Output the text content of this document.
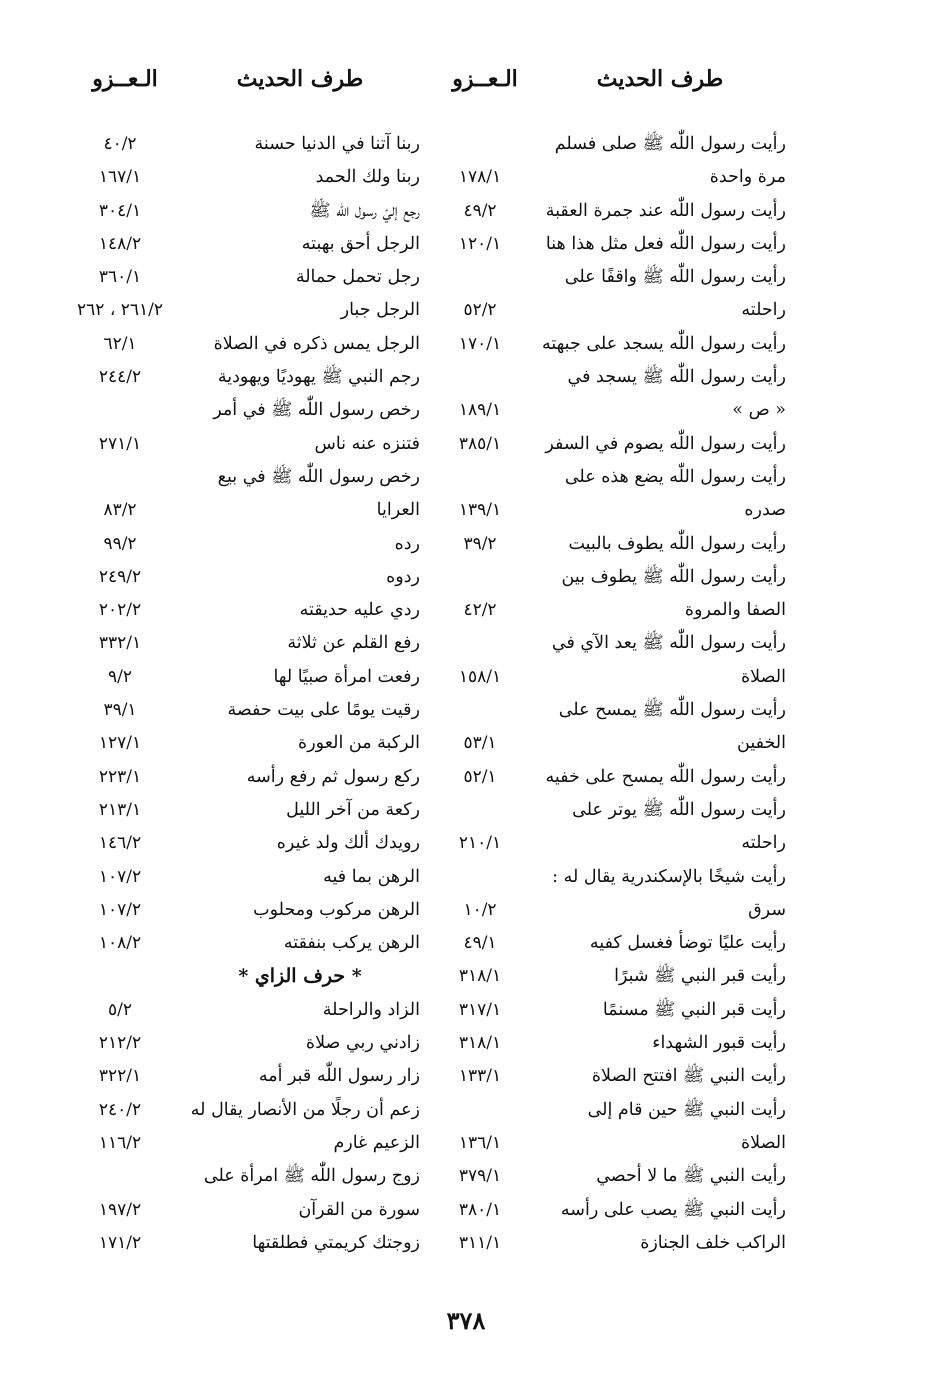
طرف الحديث
الـعــزو
طرف الحديث
الـعــزو
رأيت رسول اللّٰه ﷺ صلى فسلم
مرة واحدة
١٧٨/١
رأيت رسول اللّٰه عند جمرة العقبة
٤٩/٢
رأيت رسول اللّٰه فعل مثل هذا هنا
١٢٠/١
رأيت رسول اللّٰه ﷺ واقفًا على
راحلته
٥٢/٢
رأيت رسول اللّٰه يسجد على جبهته
١٧٠/١
رأيت رسول اللّٰه ﷺ يسجد في
« ص »
١٨٩/١
رأيت رسول اللّٰه يصوم في السفر
٣٨٥/١
رأيت رسول اللّٰه يضع هذه على
صدره
١٣٩/١
رأيت رسول اللّٰه يطوف بالبيت
٣٩/٢
رأيت رسول اللّٰه ﷺ يطوف بين
الصفا والمروة
٤٢/٢
رأيت رسول اللّٰه ﷺ يعد الآي في
الصلاة
١٥٨/١
رأيت رسول اللّٰه ﷺ يمسح على
الخفين
٥٣/١
رأيت رسول اللّٰه يمسح على خفيه
٥٢/١
رأيت رسول اللّٰه ﷺ يوتر على
راحلته
٢١٠/١
رأيت شيخًا بالإسكندرية يقال له :
سرق
١٠/٢
رأيت عليًا توضأ فغسل كفيه
٤٩/١
رأيت قبر النبي ﷺ شبرًا
٣١٨/١
رأيت قبر النبي ﷺ مسنمًا
٣١٧/١
رأيت قبور الشهداء
٣١٨/١
رأيت النبي ﷺ افتتح الصلاة
١٣٣/١
رأيت النبي ﷺ حين قام إلى
الصلاة
١٣٦/١
رأيت النبي ﷺ ما لا أحصي
٣٧٩/١
رأيت النبي ﷺ يصب على رأسه
٣٨٠/١
الراكب خلف الجنازة
٣١١/١
ربنا آتنا في الدنيا حسنة
٤٠/٢
ربنا ولك الحمد
١٦٧/١
رجع إليّ رسول اللّٰه ﷺ
٣٠٤/١
الرجل أحق بهبته
١٤٨/٢
رجل تحمل حمالة
٣٦٠/١
الرجل جبار
٢٦١/٢ ، ٢٦٢
الرجل يمس ذكره في الصلاة
٦٢/١
رجم النبي ﷺ يهوديًا ويهودية
٢٤٤/٢
رخص رسول اللّٰه ﷺ في أمر
فتنزه عنه ناس
٢٧١/١
رخص رسول اللّٰه ﷺ في بيع
العرايا
٨٣/٢
رده
٩٩/٢
ردوه
٢٤٩/٢
ردي عليه حديقته
٢٠٢/٢
رفع القلم عن ثلاثة
٣٣٢/١
رفعت امرأة صبيًا لها
٩/٢
رقيت يومًا على بيت حفصة
٣٩/١
الركبة من العورة
١٢٧/١
ركع رسول ثم رفع رأسه
٢٢٣/١
ركعة من آخر الليل
٢١٣/١
رويدك ألك ولد غيره
١٤٦/٢
الرهن بما فيه
١٠٧/٢
الرهن مركوب ومحلوب
١٠٧/٢
الرهن يركب بنفقته
١٠٨/٢
* حرف الزاي *
الزاد والراحلة
٥/٢
زادني ربي صلاة
٢١٢/٢
زار رسول اللّٰه قبر أمه
٣٢٢/١
زعم أن رجلًا من الأنصار يقال له
٢٤٠/٢
الزعيم غارم
١١٦/٢
زوج رسول اللّٰه ﷺ امرأة على
سورة من القرآن
١٩٧/٢
زوجتك كريمتي فطلقتها
١٧١/٢
٣٧٨
